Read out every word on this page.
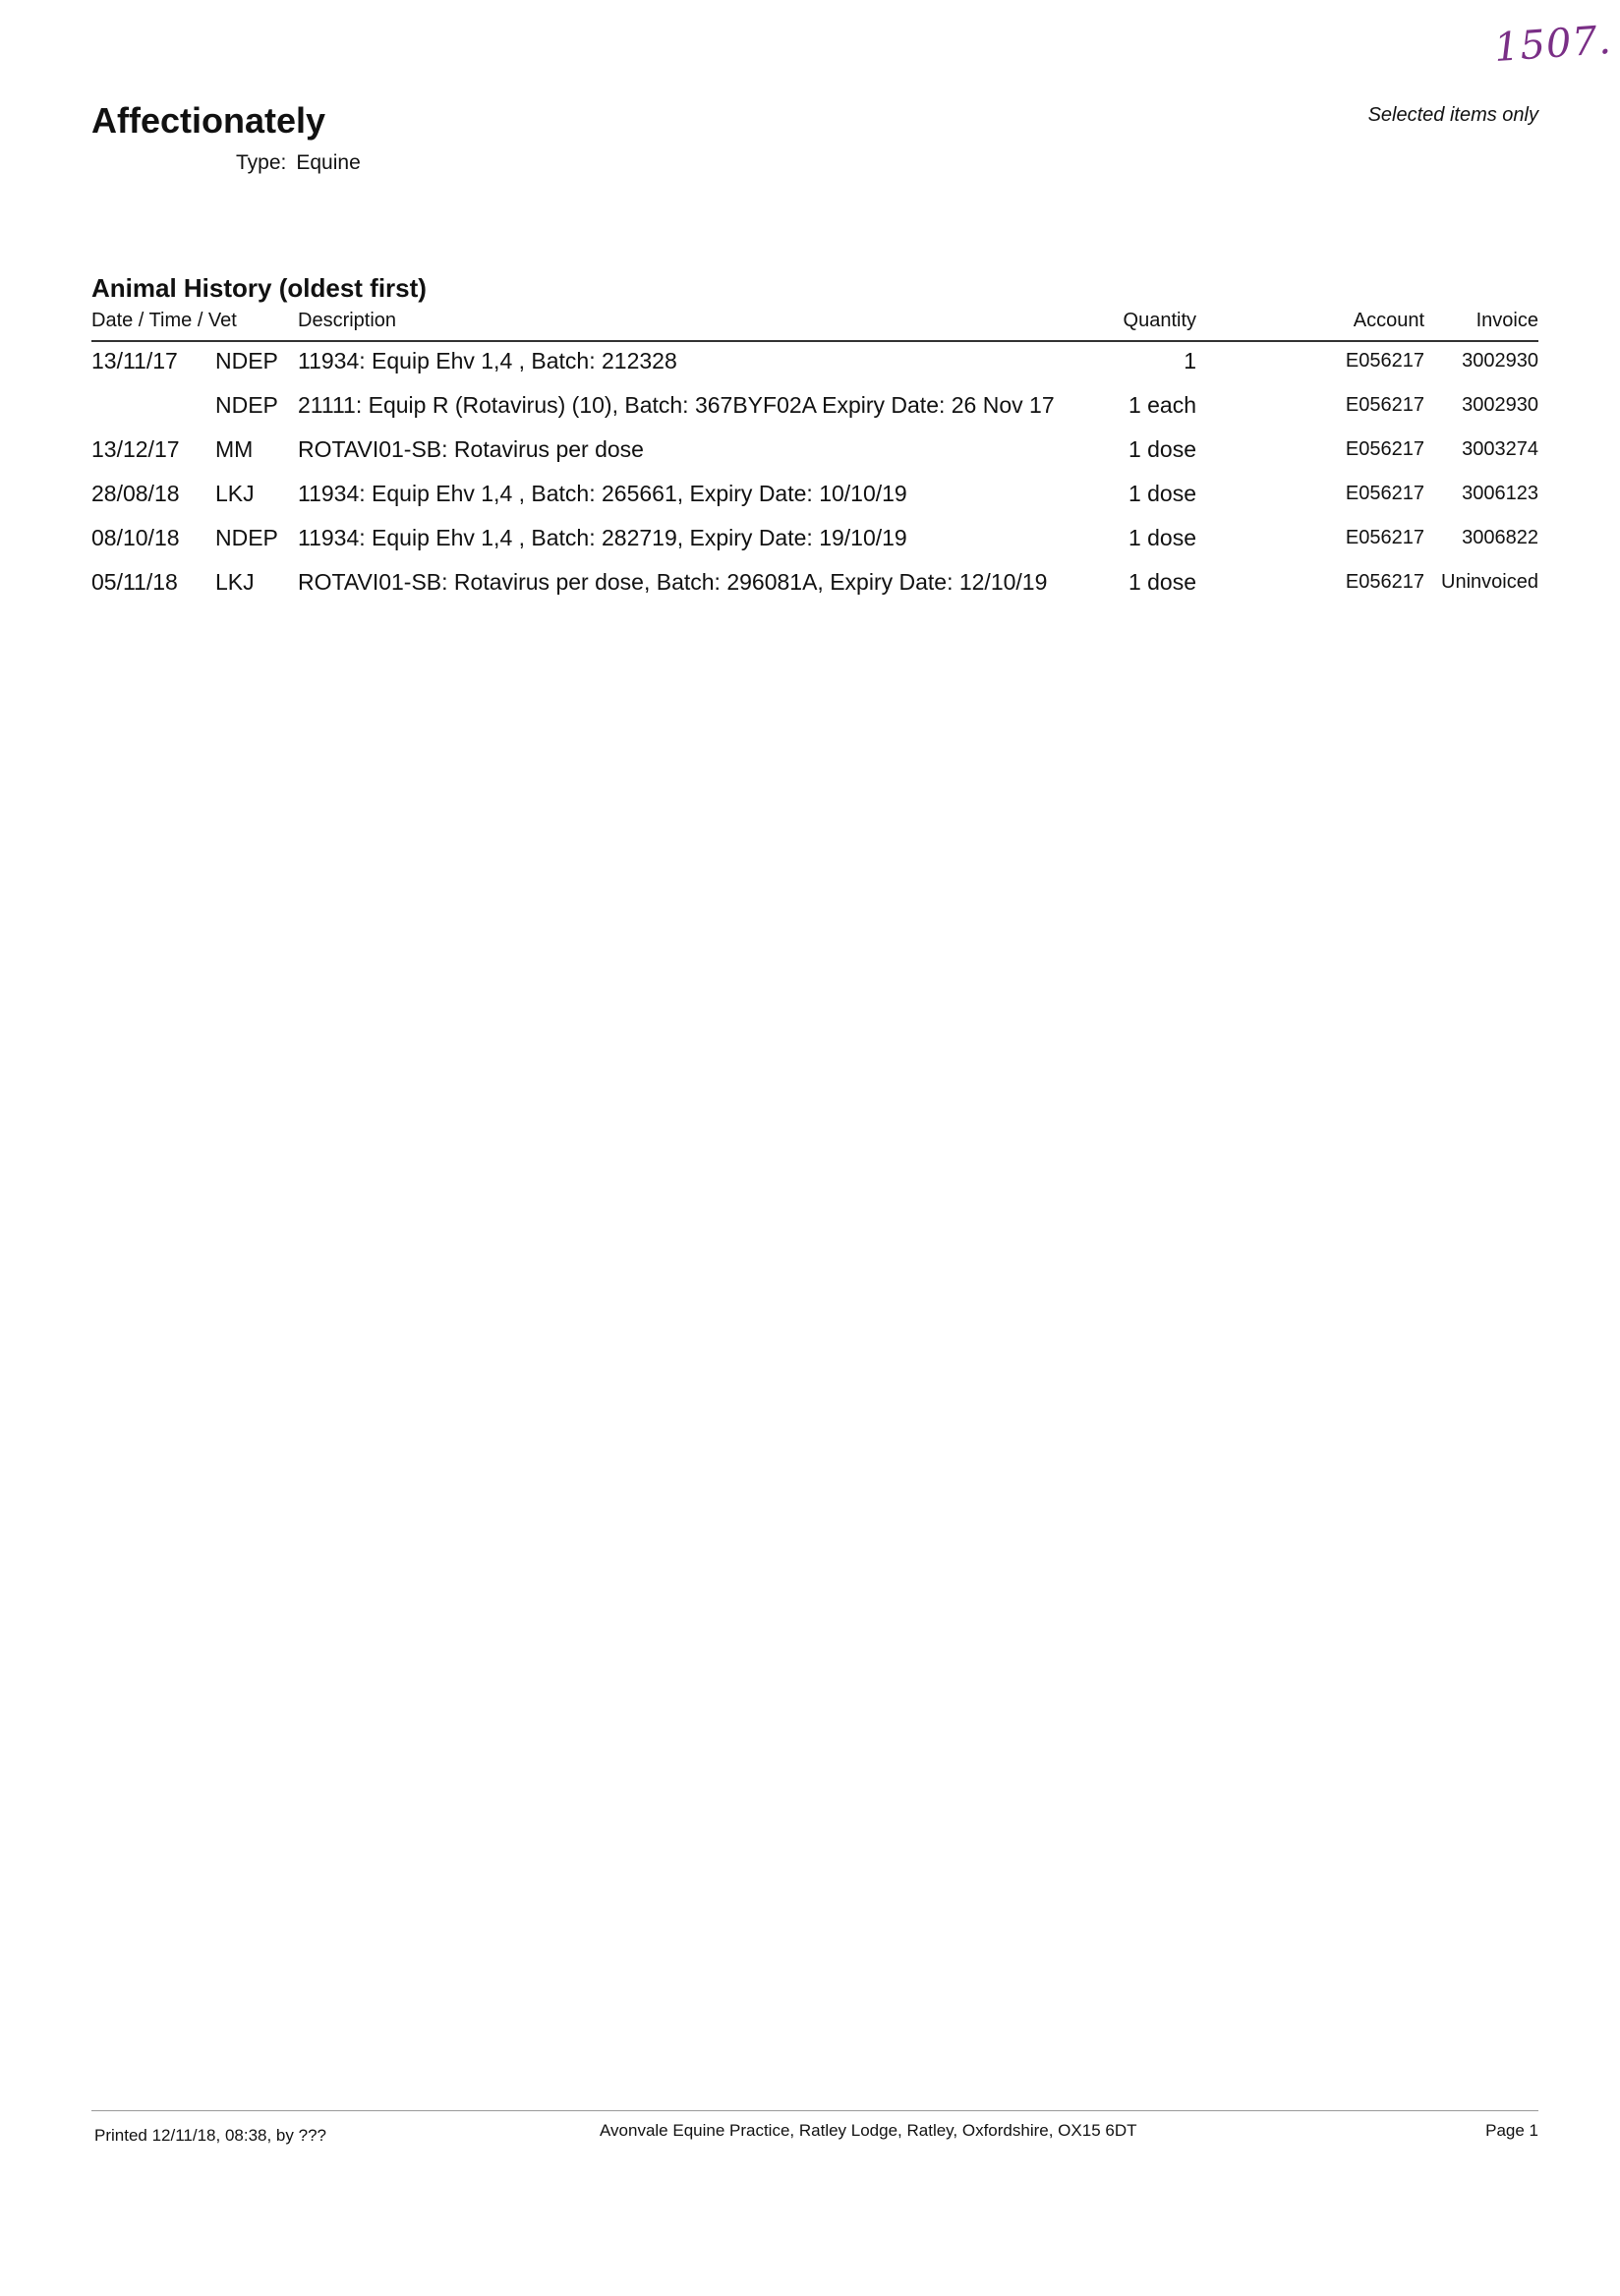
1507.
Affectionately
Type: Equine
Selected items only
Animal History (oldest first)
Date / Time / Vet	Description	Quantity	Account	Invoice
13/11/17 NDEP 11934: Equip Ehv 1,4 , Batch: 212328	1	E056217 3002930
NDEP 21111: Equip R (Rotavirus) (10), Batch: 367BYF02A Expiry Date: 26 Nov 17	1 each	E056217 3002930
13/12/17 MM ROTAVI01-SB: Rotavirus per dose	1 dose	E056217 3003274
28/08/18 LKJ 11934: Equip Ehv 1,4 , Batch: 265661, Expiry Date: 10/10/19	1 dose	E056217 3006123
08/10/18 NDEP 11934: Equip Ehv 1,4 , Batch: 282719, Expiry Date: 19/10/19	1 dose	E056217 3006822
05/11/18 LKJ ROTAVI01-SB: Rotavirus per dose, Batch: 296081A, Expiry Date: 12/10/19	1 dose	E056217 Uninvoiced
Printed 12/11/18, 08:38, by ???	Avonvale Equine Practice, Ratley Lodge, Ratley, Oxfordshire, OX15 6DT	Page 1
